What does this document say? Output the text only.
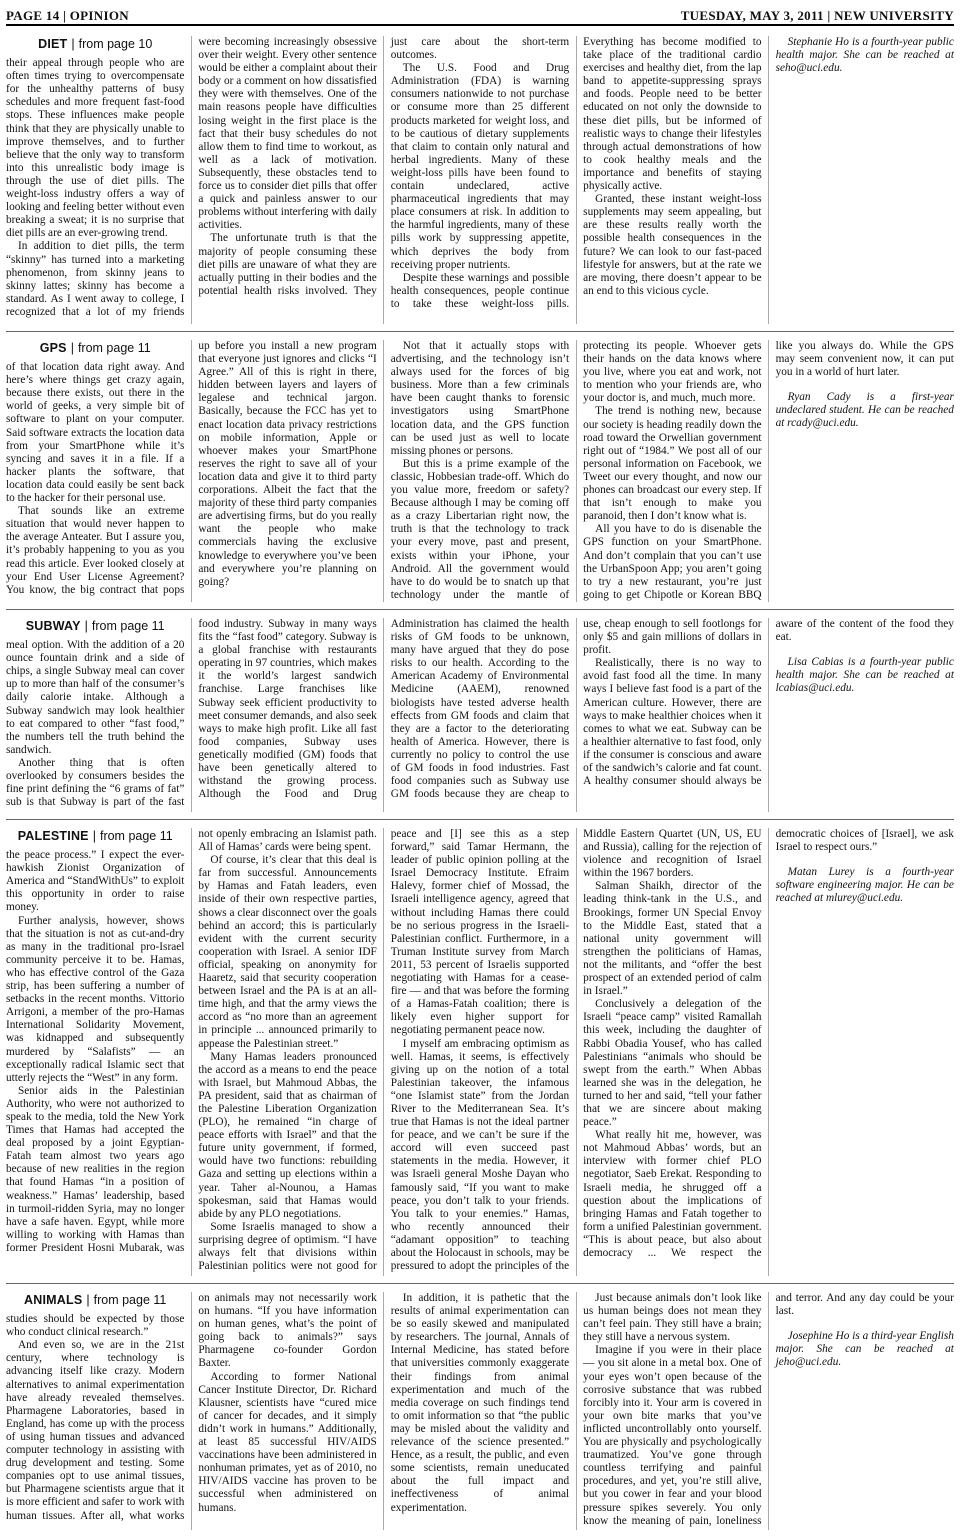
PAGE 14 | OPINION	TUESDAY, MAY 3, 2011 | NEW UNIVERSITY
DIET | from page 10

their appeal through people who are often times trying to overcompensate for the unhealthy patterns of busy schedules and more frequent fast-food stops. These influences make people think that they are physically unable to improve themselves, and to further believe that the only way to transform into this unrealistic body image is through the use of diet pills. The weight-loss industry offers a way of looking and feeling better without even breaking a sweat; it is no surprise that diet pills are an ever-growing trend.

In addition to diet pills, the term “skinny” has turned into a marketing phenomenon, from skinny jeans to skinny lattes; skinny has become a standard. As I went away to college, I recognized that a lot of my friends were becoming increasingly obsessive over their weight. Every other sentence would be either a complaint about their body or a comment on how dissatisfied they were with themselves. One of the main reasons people have difficulties losing weight in the first place is the fact that their busy schedules do not allow them to find time to workout, as well as a lack of motivation. Subsequently, these obstacles tend to force us to consider diet pills that offer a quick and painless answer to our problems without interfering with daily activities.

The unfortunate truth is that the majority of people consuming these diet pills are unaware of what they are actually putting in their bodies and the potential health risks involved. They just care about the short-term outcomes.

The U.S. Food and Drug Administration (FDA) is warning consumers nationwide to not purchase or consume more than 25 different products marketed for weight loss, and to be cautious of dietary supplements that claim to contain only natural and herbal ingredients. Many of these weight-loss pills have been found to contain undeclared, active pharmaceutical ingredients that may place consumers at risk. In addition to the harmful ingredients, many of these pills work by suppressing appetite, which deprives the body from receiving proper nutrients.

Despite these warnings and possible health consequences, people continue to take these weight-loss pills. Everything has become modified to take place of the traditional cardio exercises and healthy diet, from the lap band to appetite-suppressing sprays and foods. People need to be better educated on not only the downside to these diet pills, but be informed of realistic ways to change their lifestyles through actual demonstrations of how to cook healthy meals and the importance and benefits of staying physically active.

Granted, these instant weight-loss supplements may seem appealing, but are these results really worth the possible health consequences in the future? We can look to our fast-paced lifestyle for answers, but at the rate we are moving, there doesn’t appear to be an end to this vicious cycle.

Stephanie Ho is a fourth-year public health major. She can be reached at seho@uci.edu.

GPS | from page 11

of that location data right away. And here’s where things get crazy again, because there exists, out there in the world of geeks, a very simple bit of software to plant on your computer. Said software extracts the location data from your SmartPhone while it’s syncing and saves it in a file. If a hacker plants the software, that location data could easily be sent back to the hacker for their personal use.

That sounds like an extreme situation that would never happen to the average Anteater. But I assure you, it’s probably happening to you as you read this article. Ever looked closely at your End User License Agreement? You know, the big contract that pops up before you install a new program that everyone just ignores and clicks “I Agree.” All of this is right in there, hidden between layers and layers of legalese and technical jargon. Basically, because the FCC has yet to enact location data privacy restrictions on mobile information, Apple or whoever makes your SmartPhone reserves the right to save all of your location data and give it to third party corporations. Albeit the fact that the majority of these third party companies are advertising firms, but do you really want the people who make commercials having the exclusive knowledge to everywhere you’ve been and everywhere you’re planning on going?

Not that it actually stops with advertising, and the technology isn’t always used for the forces of big business. More than a few criminals have been caught thanks to forensic investigators using SmartPhone location data, and the GPS function can be used just as well to locate missing phones or persons.

But this is a prime example of the classic, Hobbesian trade-off. Which do you value more, freedom or safety? Because although I may be coming off as a crazy Libertarian right now, the truth is that the technology to track your every move, past and present, exists within your iPhone, your Android. All the government would have to do would be to snatch up that technology under the mantle of protecting its people. Whoever gets their hands on the data knows where you live, where you eat and work, not to mention who your friends are, who your doctor is, and much, much more.

The trend is nothing new, because our society is heading readily down the road toward the Orwellian government right out of “1984.” We post all of our personal information on Facebook, we Tweet our every thought, and now our phones can broadcast our every step. If that isn’t enough to make you paranoid, then I don’t know what is.

All you have to do is disenable the GPS function on your SmartPhone. And don’t complain that you can’t use the UrbanSpoon App; you aren’t going to try a new restaurant, you’re just going to get Chipotle or Korean BBQ like you always do. While the GPS may seem convenient now, it can put you in a world of hurt later.

Ryan Cady is a first-year undeclared student. He can be reached at rcady@uci.edu.

SUBWAY | from page 11

meal option. With the addition of a 20 ounce fountain drink and a side of chips, a single Subway meal can cover up to more than half of the consumer’s daily calorie intake. Although a Subway sandwich may look healthier to eat compared to other “fast food,” the numbers tell the truth behind the sandwich.

Another thing that is often overlooked by consumers besides the fine print defining the “6 grams of fat” sub is that Subway is part of the fast food industry. Subway in many ways fits the “fast food” category. Subway is a global franchise with restaurants operating in 97 countries, which makes it the world’s largest sandwich franchise. Large franchises like Subway seek efficient productivity to meet consumer demands, and also seek ways to make high profit. Like all fast food companies, Subway uses genetically modified (GM) foods that have been genetically altered to withstand the growing process. Although the Food and Drug Administration has claimed the health risks of GM foods to be unknown, many have argued that they do pose risks to our health. According to the American Academy of Environmental Medicine (AAEM), renowned biologists have tested adverse health effects from GM foods and claim that they are a factor to the deteriorating health of America. However, there is currently no policy to control the use of GM foods in food industries. Fast food companies such as Subway use GM foods because they are cheap to use, cheap enough to sell footlongs for only $5 and gain millions of dollars in profit.

Realistically, there is no way to avoid fast food all the time. In many ways I believe fast food is a part of the American culture. However, there are ways to make healthier choices when it comes to what we eat. Subway can be a healthier alternative to fast food, only if the consumer is conscious and aware of the sandwich’s calorie and fat count. A healthy consumer should always be aware of the content of the food they eat.

Lisa Cabias is a fourth-year public health major. She can be reached at lcabias@uci.edu.

PALESTINE | from page 11

the peace process.” I expect the ever-hawkish Zionist Organization of America and “StandWithUs” to exploit this opportunity in order to raise money.

Further analysis, however, shows that the situation is not as cut-and-dry as many in the traditional pro-Israel community perceive it to be. Hamas, who has effective control of the Gaza strip, has been suffering a number of setbacks in the recent months. Vittorio Arrigoni, a member of the pro-Hamas International Solidarity Movement, was kidnapped and subsequently murdered by “Salafists” — an exceptionally radical Islamic sect that utterly rejects the “West” in any form.

Senior aids in the Palestinian Authority, who were not authorized to speak to the media, told the New York Times that Hamas had accepted the deal proposed by a joint Egyptian-Fatah team almost two years ago because of new realities in the region that found Hamas “in a position of weakness.” Hamas’ leadership, based in turmoil-ridden Syria, may no longer have a safe haven. Egypt, while more willing to working with Hamas than former President Hosni Mubarak, was not openly embracing an Islamist path. All of Hamas’ cards were being spent.

Of course, it’s clear that this deal is far from successful. Announcements by Hamas and Fatah leaders, even inside of their own respective parties, shows a clear disconnect over the goals behind an accord; this is particularly evident with the current security cooperation with Israel. A senior IDF official, speaking on anonymity for Haaretz, said that security cooperation between Israel and the PA is at an all-time high, and that the army views the accord as “no more than an agreement in principle ... announced primarily to appease the Palestinian street.”

Many Hamas leaders pronounced the accord as a means to end the peace with Israel, but Mahmoud Abbas, the PA president, said that as chairman of the Palestine Liberation Organization (PLO), he remained “in charge of peace efforts with Israel” and that the future unity government, if formed, would have two functions: rebuilding Gaza and setting up elections within a year. Taher al-Nounou, a Hamas spokesman, said that Hamas would abide by any PLO negotiations.

Some Israelis managed to show a surprising degree of optimism. “I have always felt that divisions within Palestinian politics were not good for peace and [I] see this as a step forward,” said Tamar Hermann, the leader of public opinion polling at the Israel Democracy Institute. Efraim Halevy, former chief of Mossad, the Israeli intelligence agency, agreed that without including Hamas there could be no serious progress in the Israeli-Palestinian conflict. Furthermore, in a Truman Institute survey from March 2011, 53 percent of Israelis supported negotiating with Hamas for a cease-fire — and that was before the forming of a Hamas-Fatah coalition; there is likely even higher support for negotiating permanent peace now.

I myself am embracing optimism as well. Hamas, it seems, is effectively giving up on the notion of a total Palestinian takeover, the infamous “one Islamist state” from the Jordan River to the Mediterranean Sea. It’s true that Hamas is not the ideal partner for peace, and we can’t be sure if the accord will even succeed past statements in the media. However, it was Israeli general Moshe Dayan who famously said, “If you want to make peace, you don’t talk to your friends. You talk to your enemies.” Hamas, who recently announced their “adamant opposition” to teaching about the Holocaust in schools, may be pressured to adopt the principles of the Middle Eastern Quartet (UN, US, EU and Russia), calling for the rejection of violence and recognition of Israel within the 1967 borders.

Salman Shaikh, director of the leading think-tank in the U.S., and Brookings, former UN Special Envoy to the Middle East, stated that a national unity government will strengthen the politicians of Hamas, not the militants, and “offer the best prospect of an extended period of calm in Israel.”

Conclusively a delegation of the Israeli “peace camp” visited Ramallah this week, including the daughter of Rabbi Obadia Yousef, who has called Palestinians “animals who should be swept from the earth.” When Abbas learned she was in the delegation, he turned to her and said, “tell your father that we are sincere about making peace.”

What really hit me, however, was not Mahmoud Abbas’ words, but an interview with former chief PLO negotiator, Saeb Erekat. Responding to Israeli media, he shrugged off a question about the implications of bringing Hamas and Fatah together to form a unified Palestinian government. “This is about peace, but also about democracy ... We respect the democratic choices of [Israel], we ask Israel to respect ours.”

Matan Lurey is a fourth-year software engineering major. He can be reached at mlurey@uci.edu.

ANIMALS | from page 11

studies should be expected by those who conduct clinical research.”

And even so, we are in the 21st century, where technology is advancing itself like crazy. Modern alternatives to animal experimentation have already revealed themselves. Pharmagene Laboratories, based in England, has come up with the process of using human tissues and advanced computer technology in assisting with drug development and testing. Some companies opt to use animal tissues, but Pharmagene scientists argue that it is more efficient and safer to work with human tissues. After all, what works on animals may not necessarily work on humans. “If you have information on human genes, what’s the point of going back to animals?” says Pharmagene co-founder Gordon Baxter.

According to former National Cancer Institute Director, Dr. Richard Klausner, scientists have “cured mice of cancer for decades, and it simply didn’t work in humans.” Additionally, at least 85 successful HIV/AIDS vaccinations have been administered in nonhuman primates, yet as of 2010, no HIV/AIDS vaccine has proven to be successful when administered on humans.

In addition, it is pathetic that the results of animal experimentation can be so easily skewed and manipulated by researchers. The journal, Annals of Internal Medicine, has stated before that universities commonly exaggerate their findings from animal experimentation and much of the media coverage on such findings tend to omit information so that “the public may be misled about the validity and relevance of the science presented.” Hence, as a result, the public, and even some scientists, remain uneducated about the full impact and ineffectiveness of animal experimentation.

Just because animals don’t look like us human beings does not mean they can’t feel pain. They still have a brain; they still have a nervous system.

Imagine if you were in their place — you sit alone in a metal box. One of your eyes won’t open because of the corrosive substance that was rubbed forcibly into it. Your arm is covered in your own bite marks that you’ve inflicted uncontrollably onto yourself. You are physically and psychologically traumatized. You’ve gone through countless terrifying and painful procedures, and yet, you’re still alive, but you cower in fear and your blood pressure spikes severely. You only know the meaning of pain, loneliness and terror. And any day could be your last.

Josephine Ho is a third-year English major. She can be reached at jeho@uci.edu.
